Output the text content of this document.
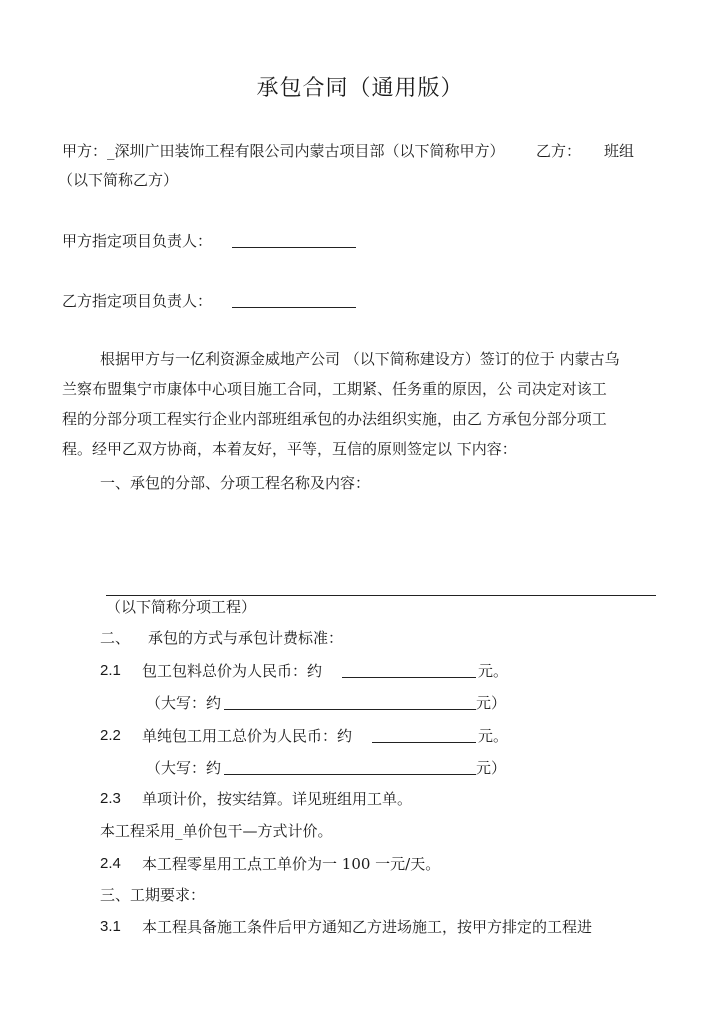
承包合同（通用版）
甲方：_深圳广田装饰工程有限公司内蒙古项目部（以下简称甲方） 乙方： 班组
（以下简称乙方）
甲方指定项目负责人：
乙方指定项目负责人：
根据甲方与一亿利资源金威地产公司 （以下简称建设方）签订的位于 内蒙古乌
兰察布盟集宁市康体中心项目施工合同，工期紧、任务重的原因，公 司决定对该工
程的分部分项工程实行企业内部班组承包的办法组织实施，由乙 方承包分部分项工
程。经甲乙双方协商，本着友好，平等，互信的原则签定以 下内容：
一、承包的分部、分项工程名称及内容：
（以下简称分项工程）
二、 承包的方式与承包计费标准：
2.1 包工包料总价为人民币：约	元。
（大写：约	元）
2.2 单纯包工用工总价为人民币：约	元。
（大写：约	元）
2.3 单项计价，按实结算。详见班组用工单。
本工程采用_单价包干—方式计价。
2.4 本工程零星用工点工单价为一 100 一元/天。
三、工期要求：
3.1 本工程具备施工条件后甲方通知乙方进场施工，按甲方排定的工程进
